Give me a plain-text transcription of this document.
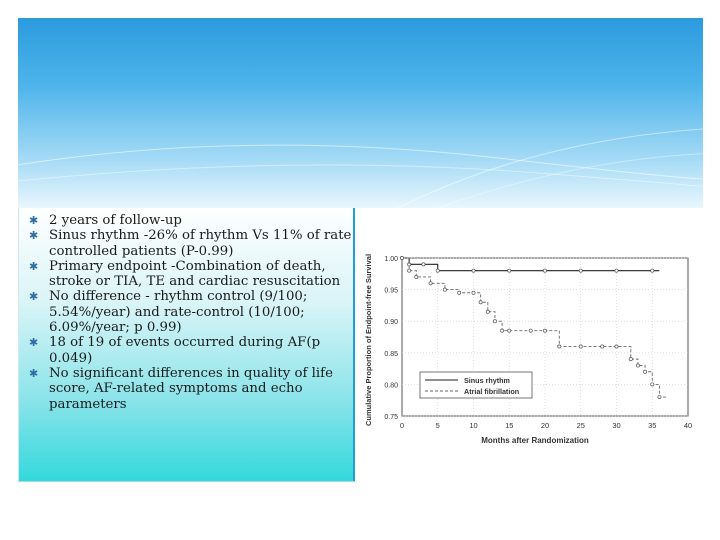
✱ 2 years of follow-up
✱ Sinus rhythm -26% of rhythm Vs 11% of rate controlled patients (P-0.99)
✱ Primary endpoint -Combination of death, stroke or TIA, TE and cardiac resuscitation
✱ No difference - rhythm control (9/100; 5.54%/year) and rate-control (10/100; 6.09%/year; p 0.99)
✱ 18 of 19 of events occurred during AF(p 0.049)
✱ No significant differences in quality of life score, AF-related symptoms and echo parameters	Cumulative Proportion of Endpoint-free Survival
Months after Randomization
1.00
0.95
0.90
0.85
0.80
0.75
0	5	10	15	20	25	30	35	40
Sinus rhythm
Atrial fibrillation
